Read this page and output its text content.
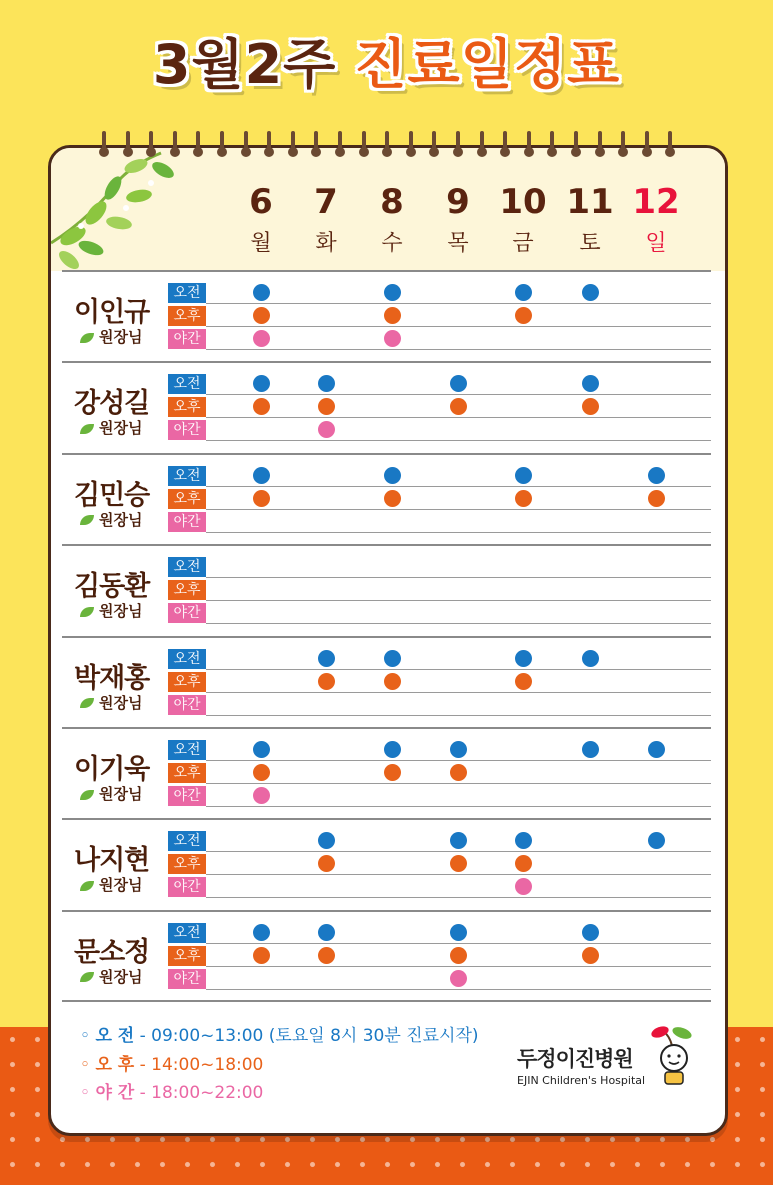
3월2주 진료일정표
6
월
7
화
8
수
9
목
10
금
11
토
12
일
이인규
원장님
오전
오후
야간
강성길
원장님
오전
오후
야간
김민승
원장님
오전
오후
야간
김동환
원장님
오전
오후
야간
박재홍
원장님
오전
오후
야간
이기욱
원장님
오전
오후
야간
나지현
원장님
오전
오후
야간
문소정
원장님
오전
오후
야간
◦ 오 전 - 09:00~13:00 (토요일 8시 30분 진료시작)
◦ 오 후 - 14:00~18:00
◦ 야 간 - 18:00~22:00
두정이진병원
EJIN Children's Hospital
